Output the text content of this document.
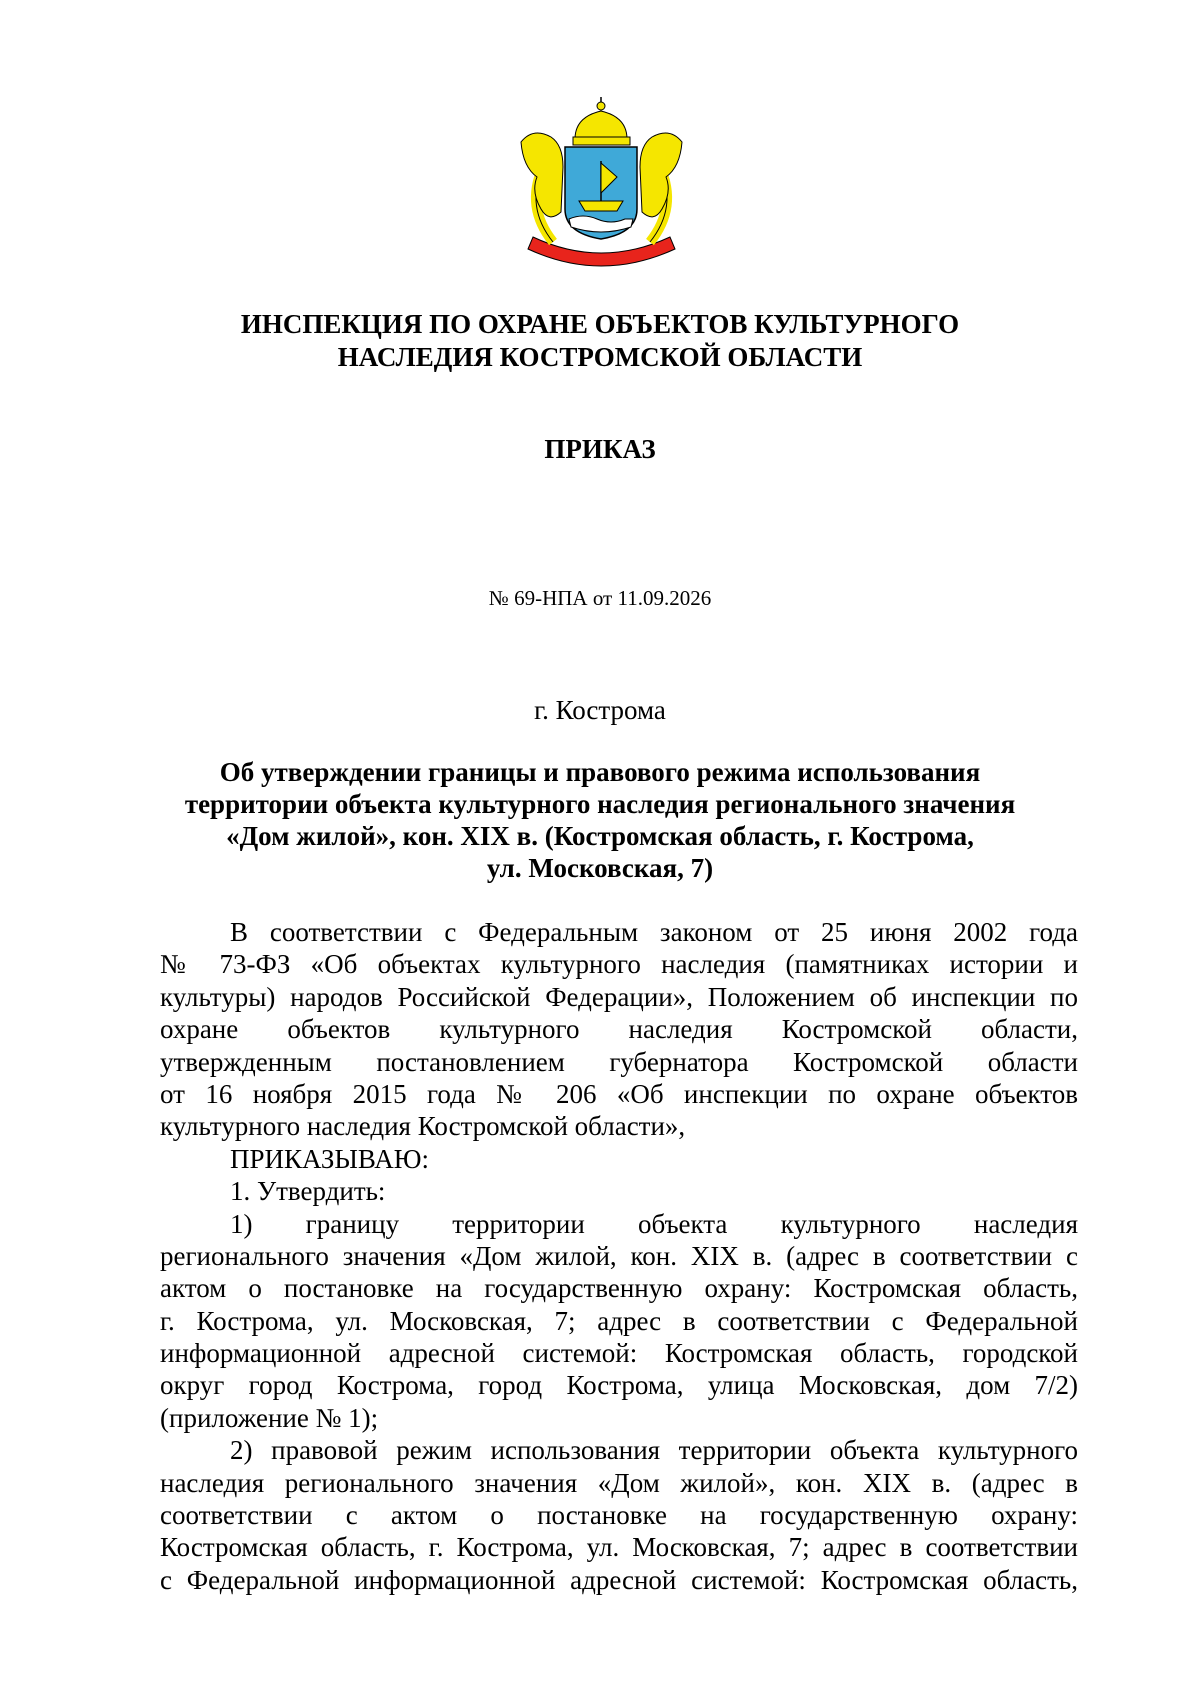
ИНСПЕКЦИЯ ПО ОХРАНЕ ОБЪЕКТОВ КУЛЬТУРНОГО
НАСЛЕДИЯ КОСТРОМСКОЙ ОБЛАСТИ
ПРИКАЗ
№ 69-НПА от 11.09.2026
г. Кострома
Об утверждении границы и правового режима использования
территории объекта культурного наследия регионального значения
«Дом жилой», кон. XIX в. (Костромская область, г. Кострома,
ул. Московская, 7)
В соответствии с Федеральным законом от 25 июня 2002 года
№ 73-ФЗ «Об объектах культурного наследия (памятниках истории и
культуры) народов Российской Федерации», Положением об инспекции по
охране объектов культурного наследия Костромской области,
утвержденным постановлением губернатора Костромской области
от 16 ноября 2015 года № 206 «Об инспекции по охране объектов
культурного наследия Костромской области»,
ПРИКАЗЫВАЮ:
1. Утвердить:
1) границу территории объекта культурного наследия
регионального значения «Дом жилой, кон. XIX в. (адрес в соответствии с
актом о постановке на государственную охрану: Костромская область,
г. Кострома, ул. Московская, 7; адрес в соответствии с Федеральной
информационной адресной системой: Костромская область, городской
округ город Кострома, город Кострома, улица Московская, дом 7/2)
(приложение № 1);
2) правовой режим использования территории объекта культурного
наследия регионального значения «Дом жилой», кон. XIX в. (адрес в
соответствии с актом о постановке на государственную охрану:
Костромская область, г. Кострома, ул. Московская, 7; адрес в соответствии
с Федеральной информационной адресной системой: Костромская область,
